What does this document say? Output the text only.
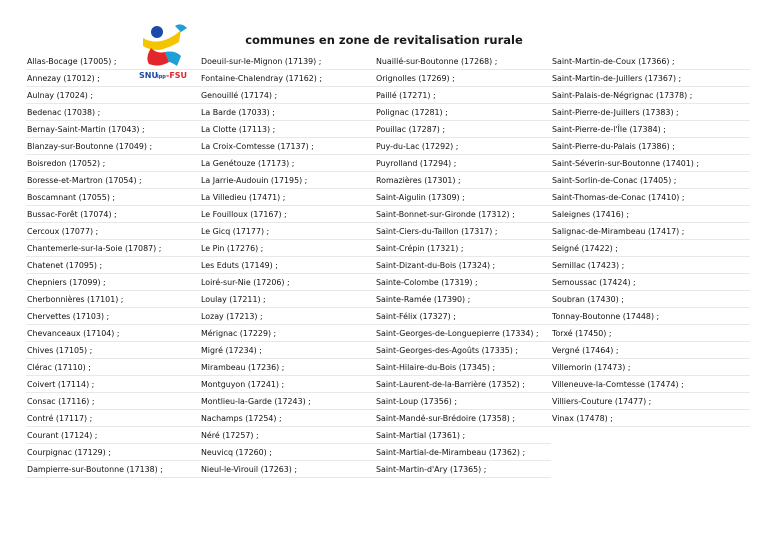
communes en zone de revitalisation rurale
SNU ipp -FSU
Allas-Bocage (17005) ;
Annezay (17012) ;
Aulnay (17024) ;
Bedenac (17038) ;
Bernay-Saint-Martin (17043) ;
Blanzay-sur-Boutonne (17049) ;
Boisredon (17052) ;
Boresse-et-Martron (17054) ;
Boscamnant (17055) ;
Bussac-Forêt (17074) ;
Cercoux (17077) ;
Chantemerle-sur-la-Soie (17087) ;
Chatenet (17095) ;
Chepniers (17099) ;
Cherbonnières (17101) ;
Chervettes (17103) ;
Chevanceaux (17104) ;
Chives (17105) ;
Clérac (17110) ;
Coivert (17114) ;
Consac (17116) ;
Contré (17117) ;
Courant (17124) ;
Courpignac (17129) ;
Dampierre-sur-Boutonne (17138) ;
Doeuil-sur-le-Mignon (17139) ;
Fontaine-Chalendray (17162) ;
Genouillé (17174) ;
La Barde (17033) ;
La Clotte (17113) ;
La Croix-Comtesse (17137) ;
La Genétouze (17173) ;
La Jarrie-Audouin (17195) ;
La Villedieu (17471) ;
Le Fouilloux (17167) ;
Le Gicq (17177) ;
Le Pin (17276) ;
Les Eduts (17149) ;
Loiré-sur-Nie (17206) ;
Loulay (17211) ;
Lozay (17213) ;
Mérignac (17229) ;
Migré (17234) ;
Mirambeau (17236) ;
Montguyon (17241) ;
Montlieu-la-Garde (17243) ;
Nachamps (17254) ;
Néré (17257) ;
Neuvicq (17260) ;
Nieul-le-Virouil (17263) ;
Nuaillé-sur-Boutonne (17268) ;
Orignolles (17269) ;
Paillé (17271) ;
Polignac (17281) ;
Pouillac (17287) ;
Puy-du-Lac (17292) ;
Puyrolland (17294) ;
Romazières (17301) ;
Saint-Aigulin (17309) ;
Saint-Bonnet-sur-Gironde (17312) ;
Saint-Ciers-du-Taillon (17317) ;
Saint-Crépin (17321) ;
Saint-Dizant-du-Bois (17324) ;
Sainte-Colombe (17319) ;
Sainte-Ramée (17390) ;
Saint-Félix (17327) ;
Saint-Georges-de-Longuepierre (17334) ;
Saint-Georges-des-Agoûts (17335) ;
Saint-Hilaire-du-Bois (17345) ;
Saint-Laurent-de-la-Barrière (17352) ;
Saint-Loup (17356) ;
Saint-Mandé-sur-Brédoire (17358) ;
Saint-Martial (17361) ;
Saint-Martial-de-Mirambeau (17362) ;
Saint-Martin-d'Ary (17365) ;
Saint-Martin-de-Coux (17366) ;
Saint-Martin-de-Juillers (17367) ;
Saint-Palais-de-Négrignac (17378) ;
Saint-Pierre-de-Juillers (17383) ;
Saint-Pierre-de-l'Île (17384) ;
Saint-Pierre-du-Palais (17386) ;
Saint-Séverin-sur-Boutonne (17401) ;
Saint-Sorlin-de-Conac (17405) ;
Saint-Thomas-de-Conac (17410) ;
Saleignes (17416) ;
Salignac-de-Mirambeau (17417) ;
Seigné (17422) ;
Semillac (17423) ;
Semoussac (17424) ;
Soubran (17430) ;
Tonnay-Boutonne (17448) ;
Torxé (17450) ;
Vergné (17464) ;
Villemorin (17473) ;
Villeneuve-la-Comtesse (17474) ;
Villiers-Couture (17477) ;
Vinax (17478) ;
